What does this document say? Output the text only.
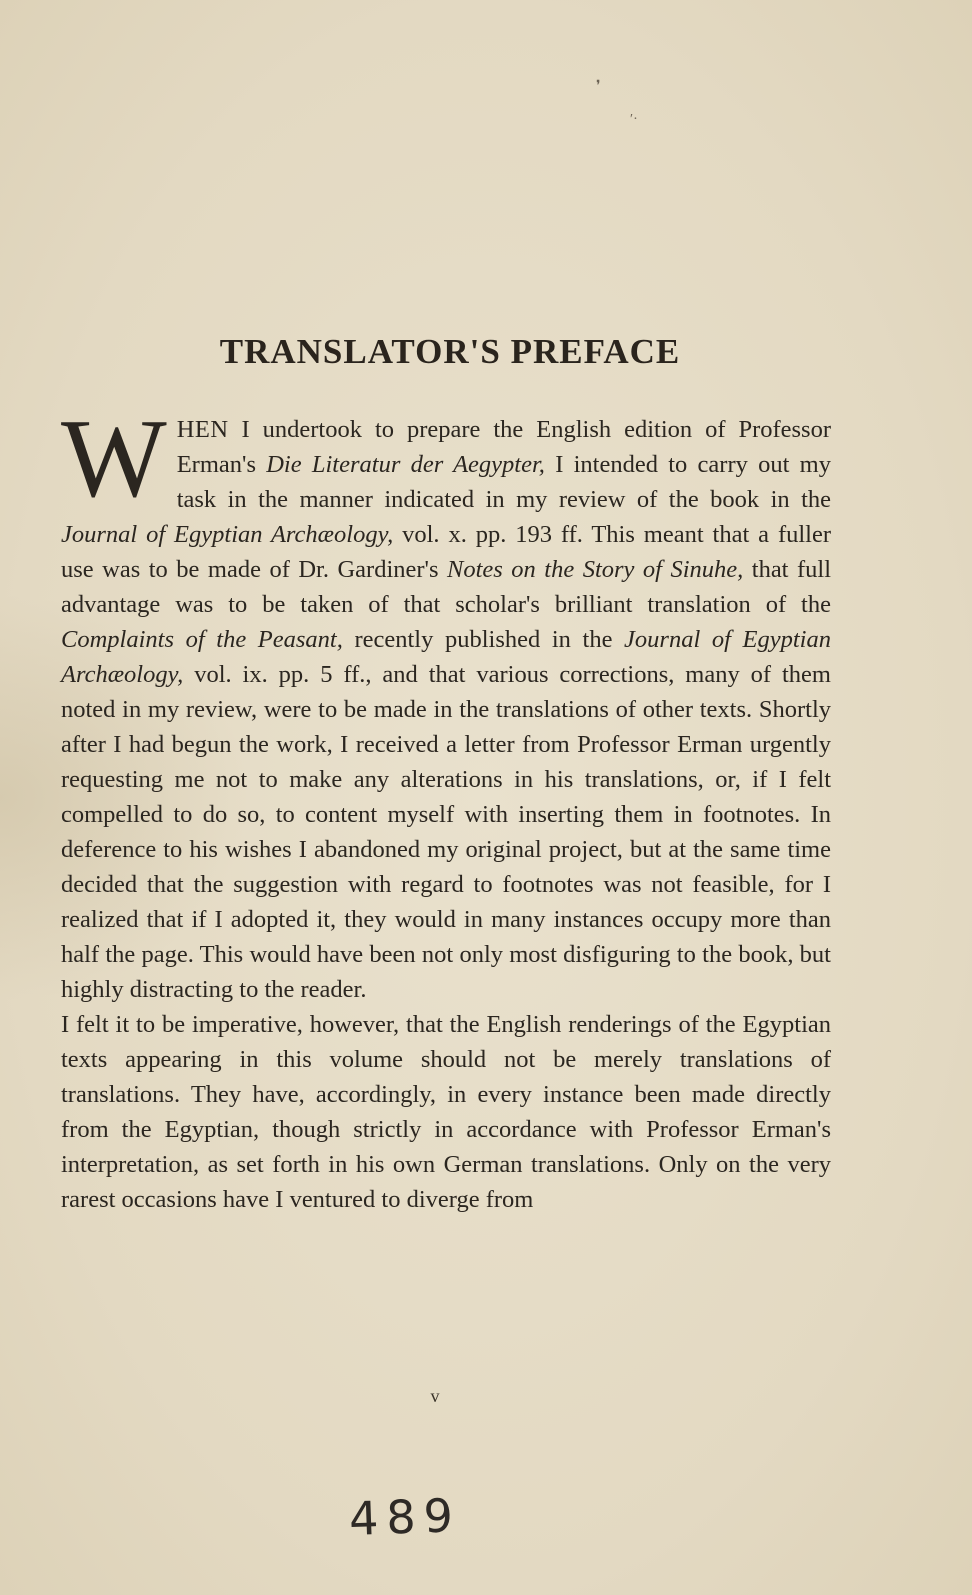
❜
′·
TRANSLATOR'S PREFACE

WHEN I undertook to prepare the English edition of Professor Erman's Die Literatur der Aegypter, I intended to carry out my task in the manner indicated in my review of the book in the Journal of Egyptian Archæology, vol. x. pp. 193 ff. This meant that a fuller use was to be made of Dr. Gardiner's Notes on the Story of Sinuhe, that full advantage was to be taken of that scholar's brilliant translation of the Complaints of the Peasant, recently published in the Journal of Egyptian Archæology, vol. ix. pp. 5 ff., and that various corrections, many of them noted in my review, were to be made in the translations of other texts. Shortly after I had begun the work, I received a letter from Professor Erman urgently requesting me not to make any alterations in his translations, or, if I felt compelled to do so, to content myself with inserting them in footnotes. In deference to his wishes I abandoned my original project, but at the same time decided that the suggestion with regard to footnotes was not feasible, for I realized that if I adopted it, they would in many instances occupy more than half the page. This would have been not only most disfiguring to the book, but highly distracting to the reader.

I felt it to be imperative, however, that the English renderings of the Egyptian texts appearing in this volume should not be merely translations of translations. They have, accordingly, in every instance been made directly from the Egyptian, though strictly in accordance with Professor Erman's interpretation, as set forth in his own German translations. Only on the very rarest occasions have I ventured to diverge from

v
489
